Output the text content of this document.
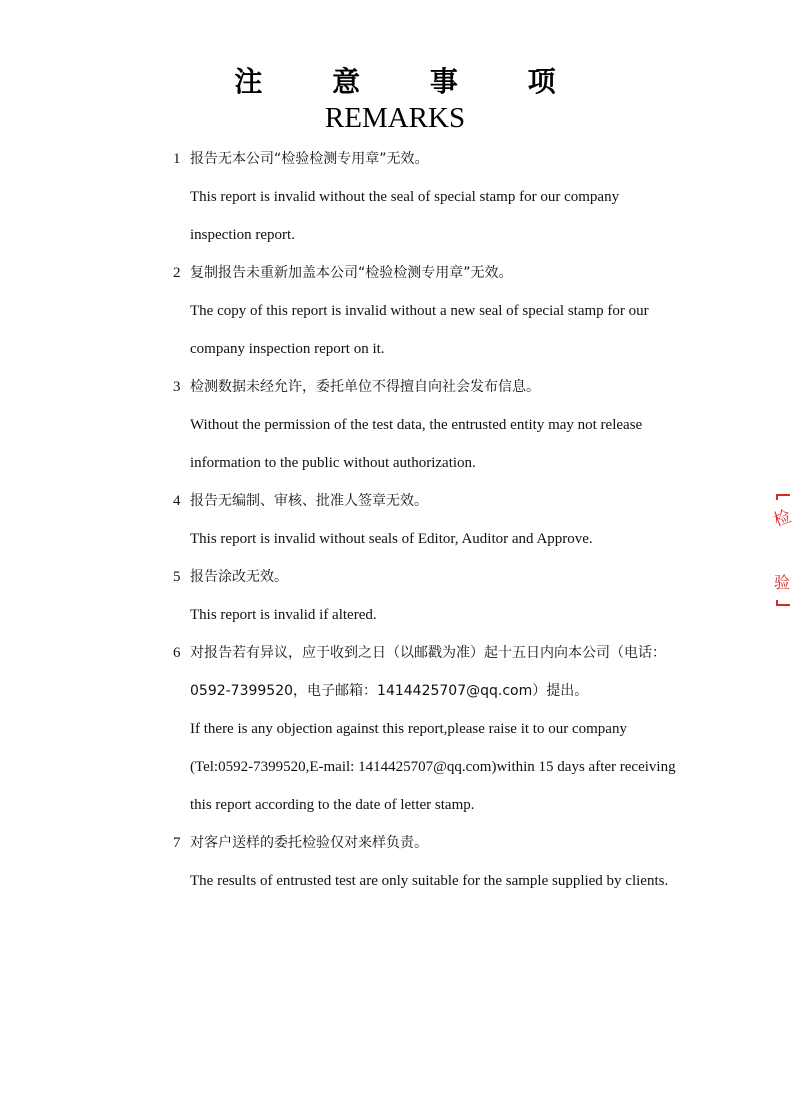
注 意 事 项
REMARKS
1 报告无本公司“检验检测专用章”无效。
This report is invalid without the seal of special stamp for our company
inspection report.
2 复制报告未重新加盖本公司“检验检测专用章”无效。
The copy of this report is invalid without a new seal of special stamp for our
company inspection report on it.
3 检测数据未经允许，委托单位不得擅自向社会发布信息。
Without the permission of the test data, the entrusted entity may not release
information to the public without authorization.
4 报告无编制、审核、批准人签章无效。
This report is invalid without seals of Editor, Auditor and Approve.
5 报告涂改无效。
This report is invalid if altered.
6 对报告若有异议，应于收到之日（以邮戳为准）起十五日内向本公司（电话：
0592-7399520，电子邮箱：1414425707@qq.com）提出。
If there is any objection against this report,please raise it to our company
(Tel:0592-7399520,E-mail: 1414425707@qq.com)within 15 days after receiving
this report according to the date of letter stamp.
7 对客户送样的委托检验仅对来样负责。
The results of entrusted test are only suitable for the sample supplied by clients.
检
验
